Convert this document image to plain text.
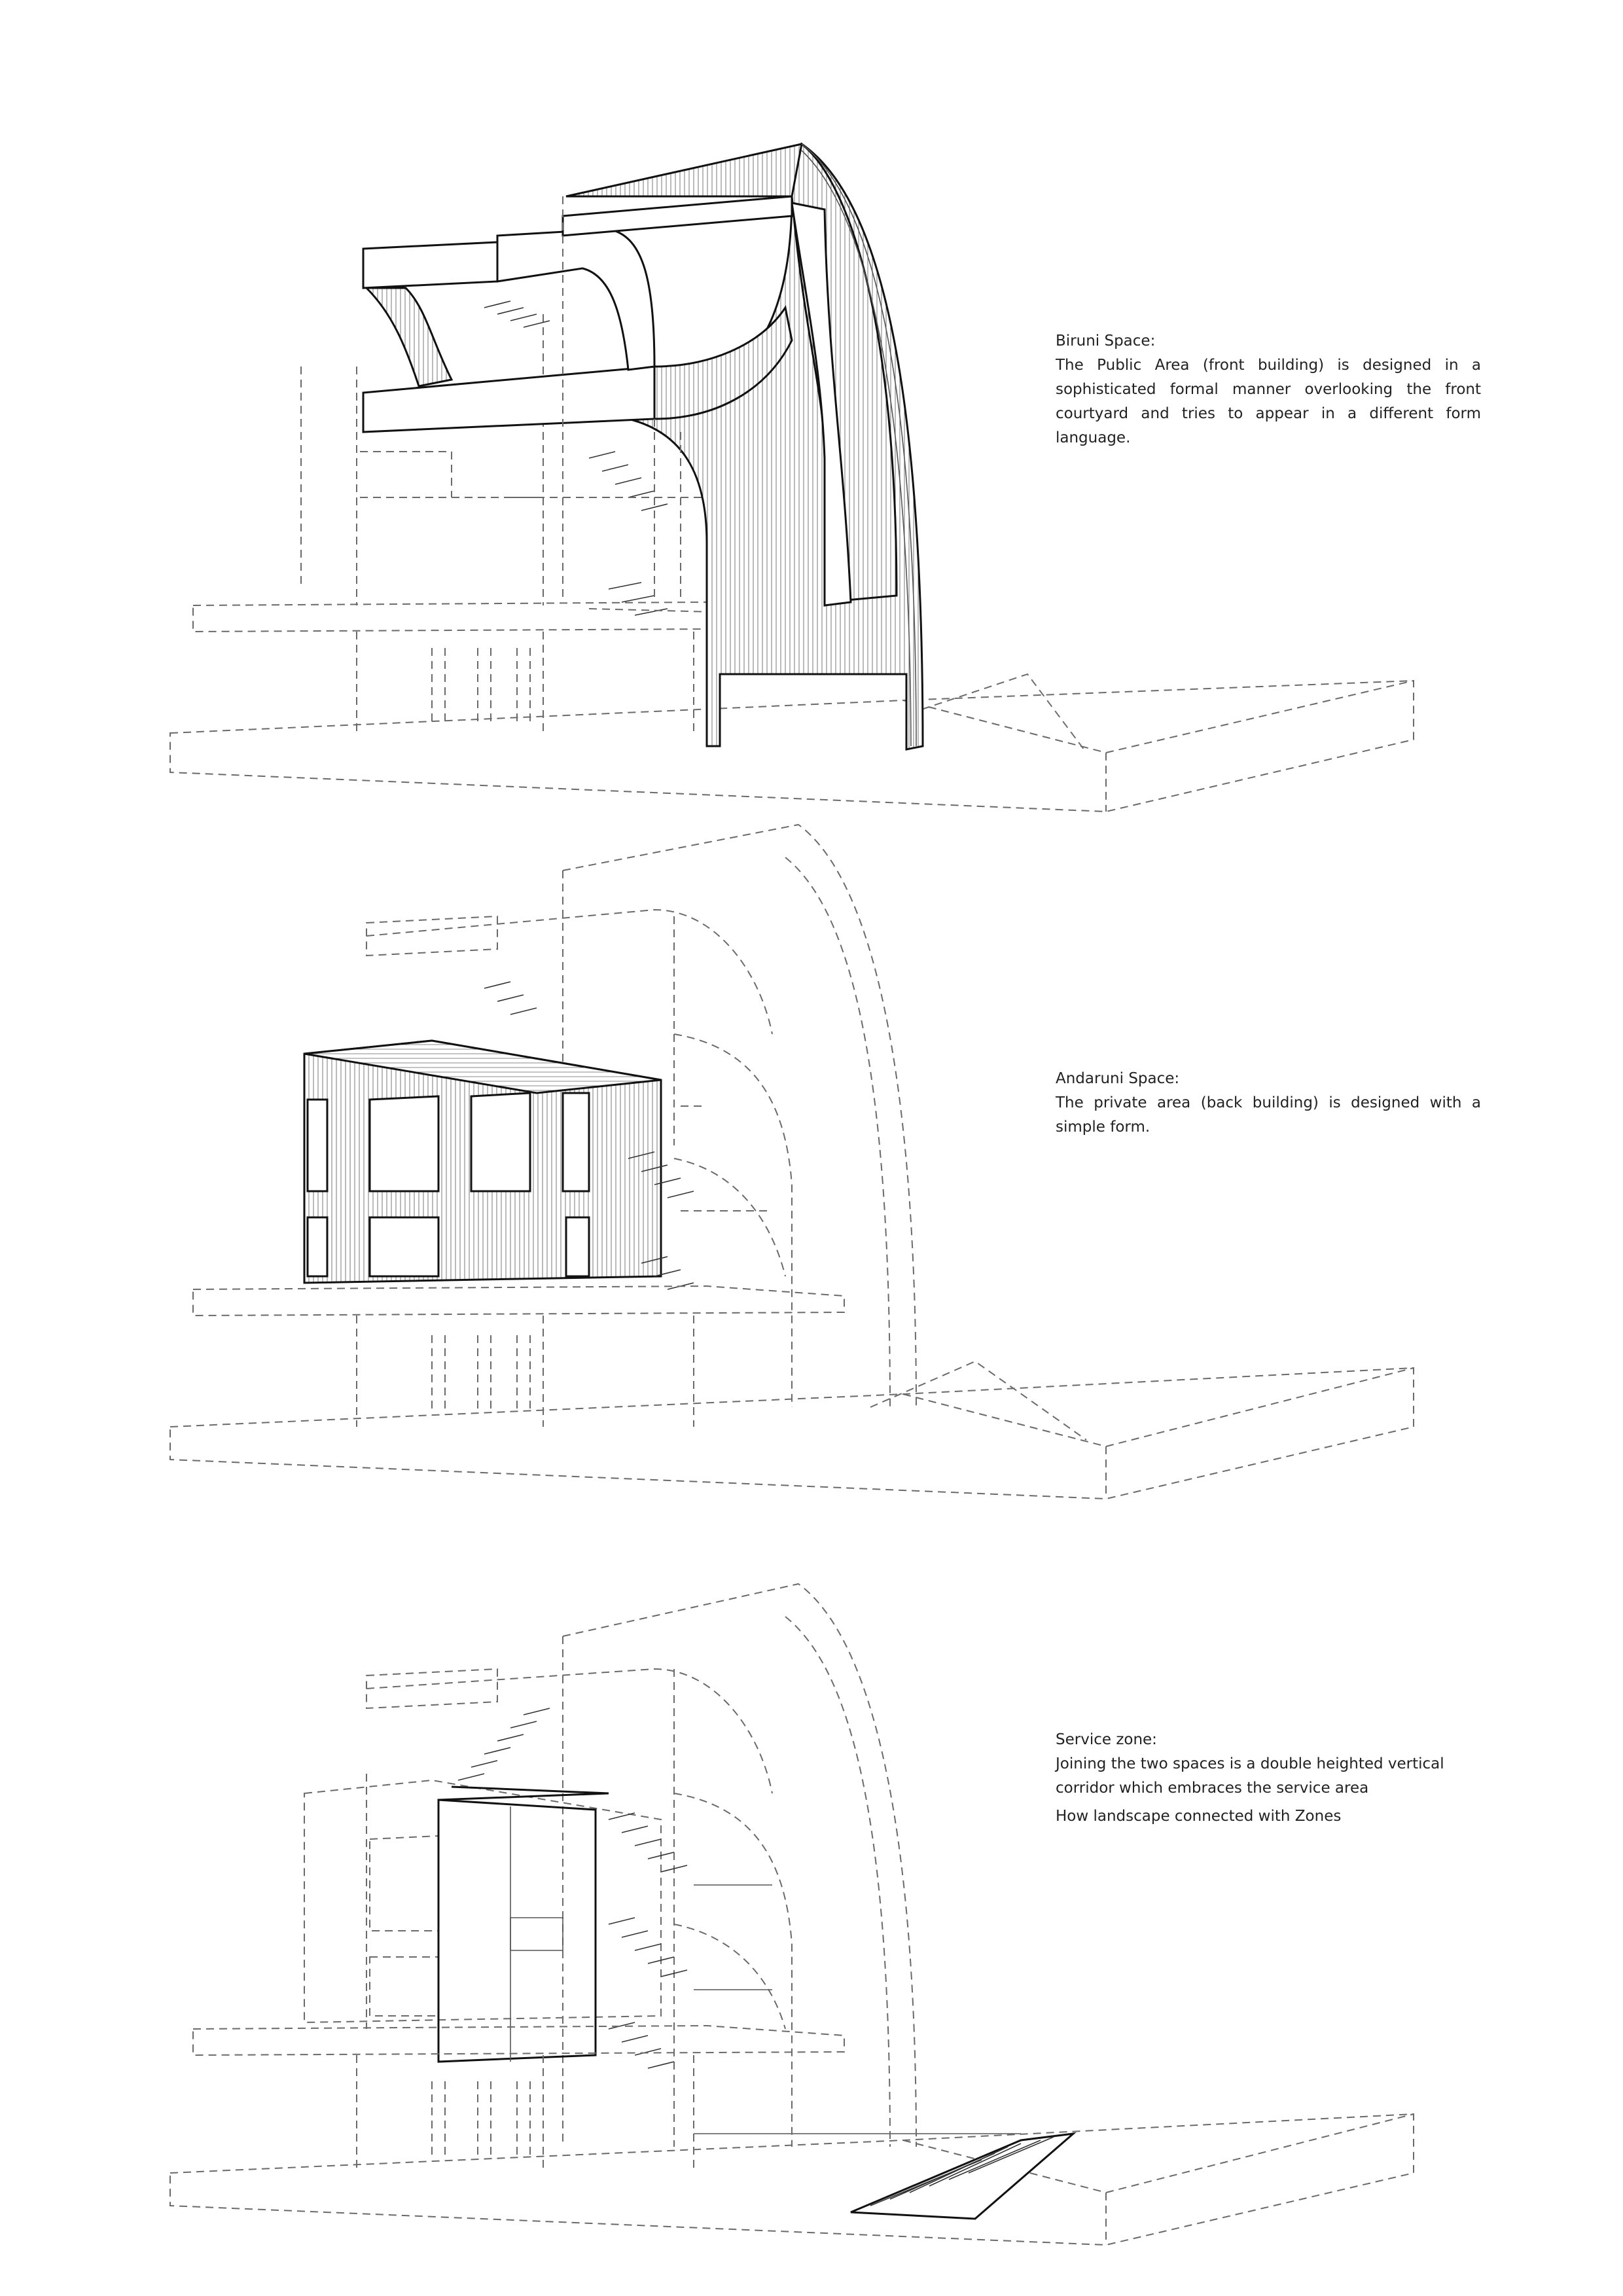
Biruni Space:
The Public Area (front building) is designed in a sophisticated formal manner overlooking the front courtyard and tries to appear in a different form language.
Andaruni Space:
The private area (back building) is designed with a simple form.
Service zone:
Joining the two spaces is a double heighted vertical corridor which embraces the service area
How landscape connected with Zones
